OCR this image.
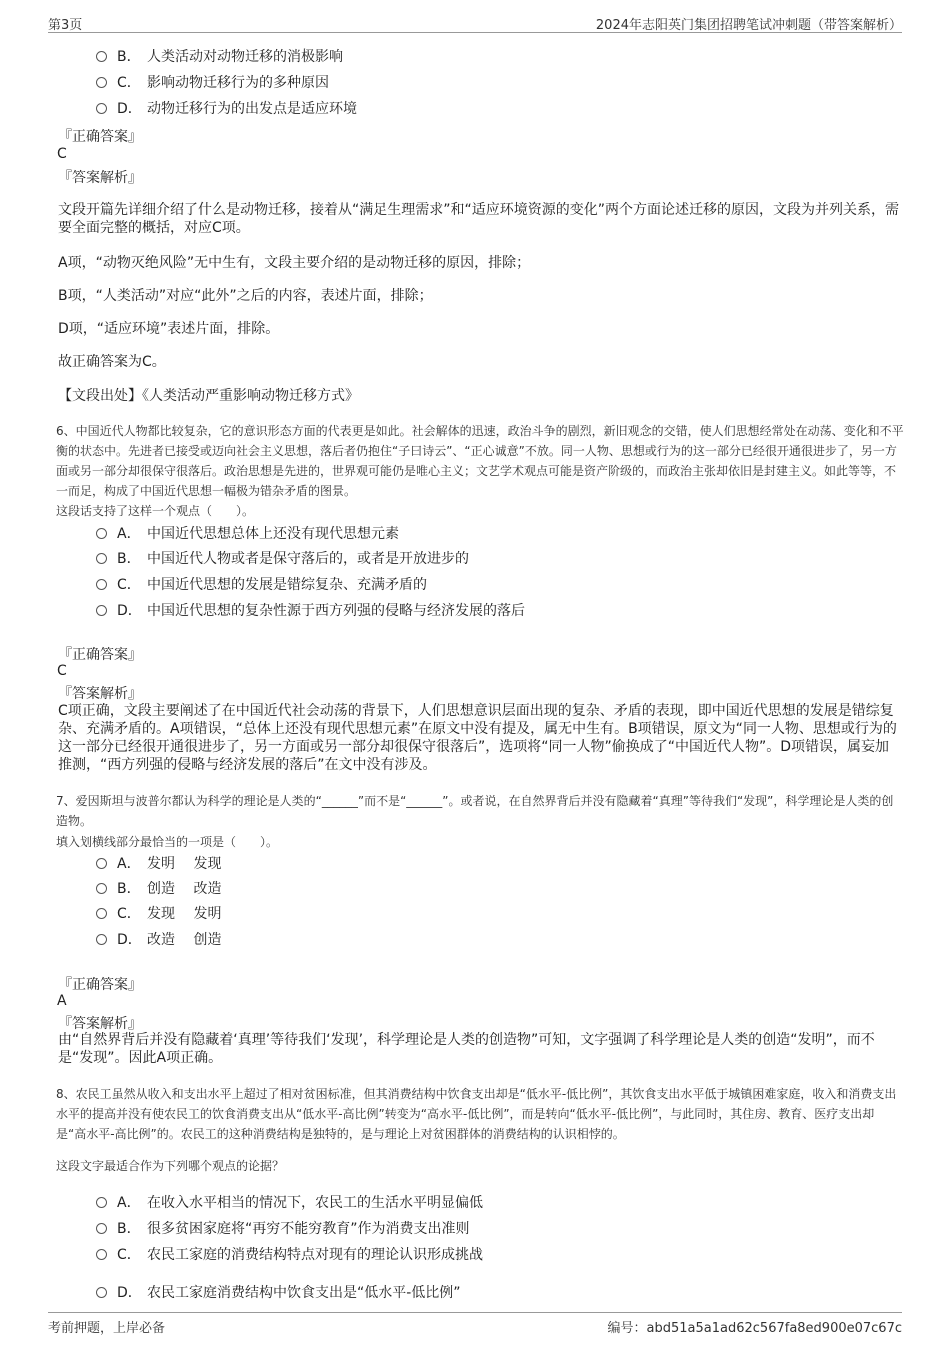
第3页	2024年志阳英门集团招聘笔试冲刺题（带答案解析）
B． 人类活动对动物迁移的消极影响
C． 影响动物迁移行为的多种原因
D． 动物迁移行为的出发点是适应环境
『正确答案』
C
『答案解析』

文段开篇先详细介绍了什么是动物迁移，接着从“满足生理需求”和“适应环境资源的变化”两个方面论述迁移的原因，文段为并列关系，需要全面完整的概括，对应C项。

A项，“动物灭绝风险”无中生有，文段主要介绍的是动物迁移的原因，排除；

B项，“人类活动”对应“此外”之后的内容，表述片面，排除；

D项，“适应环境”表述片面，排除。

故正确答案为C。

【文段出处】《人类活动严重影响动物迁移方式》

6、中国近代人物都比较复杂，它的意识形态方面的代表更是如此。社会解体的迅速，政治斗争的剧烈，新旧观念的交错，使人们思想经常处在动荡、变化和不平衡的状态中。先进者已接受或迈向社会主义思想，落后者仍抱住“子曰诗云”、“正心诚意”不放。同一人物、思想或行为的这一部分已经很开通很进步了，另一方面或另一部分却很保守很落后。政治思想是先进的，世界观可能仍是唯心主义；文艺学术观点可能是资产阶级的，而政治主张却依旧是封建主义。如此等等，不一而足，构成了中国近代思想一幅极为错杂矛盾的图景。

这段话支持了这样一个观点（　　）。

A． 中国近代思想总体上还没有现代思想元素
B． 中国近代人物或者是保守落后的，或者是开放进步的
C． 中国近代思想的发展是错综复杂、充满矛盾的
D． 中国近代思想的复杂性源于西方列强的侵略与经济发展的落后
『正确答案』
C
『答案解析』

C项正确，文段主要阐述了在中国近代社会动荡的背景下，人们思想意识层面出现的复杂、矛盾的表现，即中国近代思想的发展是错综复杂、充满矛盾的。A项错误，“总体上还没有现代思想元素”在原文中没有提及，属无中生有。B项错误，原文为“同一人物、思想或行为的这一部分已经很开通很进步了，另一方面或另一部分却很保守很落后”，选项将“同一人物”偷换成了“中国近代人物”。D项错误，属妄加推测，“西方列强的侵略与经济发展的落后”在文中没有涉及。

7、爱因斯坦与波普尔都认为科学的理论是人类的“______”而不是“______”。或者说，在自然界背后并没有隐藏着“真理”等待我们“发现”，科学理论是人类的创造物。

填入划横线部分最恰当的一项是（　　）。

A． 发明　 发现
B． 创造　 改造
C． 发现　 发明
D． 改造　 创造
『正确答案』
A
『答案解析』

由“自然界背后并没有隐藏着‘真理’等待我们‘发现’，科学理论是人类的创造物”可知，文字强调了科学理论是人类的创造“发明”，而不是“发现”。因此A项正确。

8、农民工虽然从收入和支出水平上超过了相对贫困标准，但其消费结构中饮食支出却是“低水平-低比例”，其饮食支出水平低于城镇困难家庭，收入和消费支出水平的提高并没有使农民工的饮食消费支出从“低水平-高比例”转变为“高水平-低比例”，而是转向“低水平-低比例”，与此同时，其住房、教育、医疗支出却是“高水平-高比例”的。农民工的这种消费结构是独特的，是与理论上对贫困群体的消费结构的认识相悖的。

这段文字最适合作为下列哪个观点的论据？

A． 在收入水平相当的情况下，农民工的生活水平明显偏低
B． 很多贫困家庭将“再穷不能穷教育”作为消费支出准则
C． 农民工家庭的消费结构特点对现有的理论认识形成挑战
D． 农民工家庭消费结构中饮食支出是“低水平-低比例”
考前押题，上岸必备	编号：abd51a5a1ad62c567fa8ed900e07c67c
